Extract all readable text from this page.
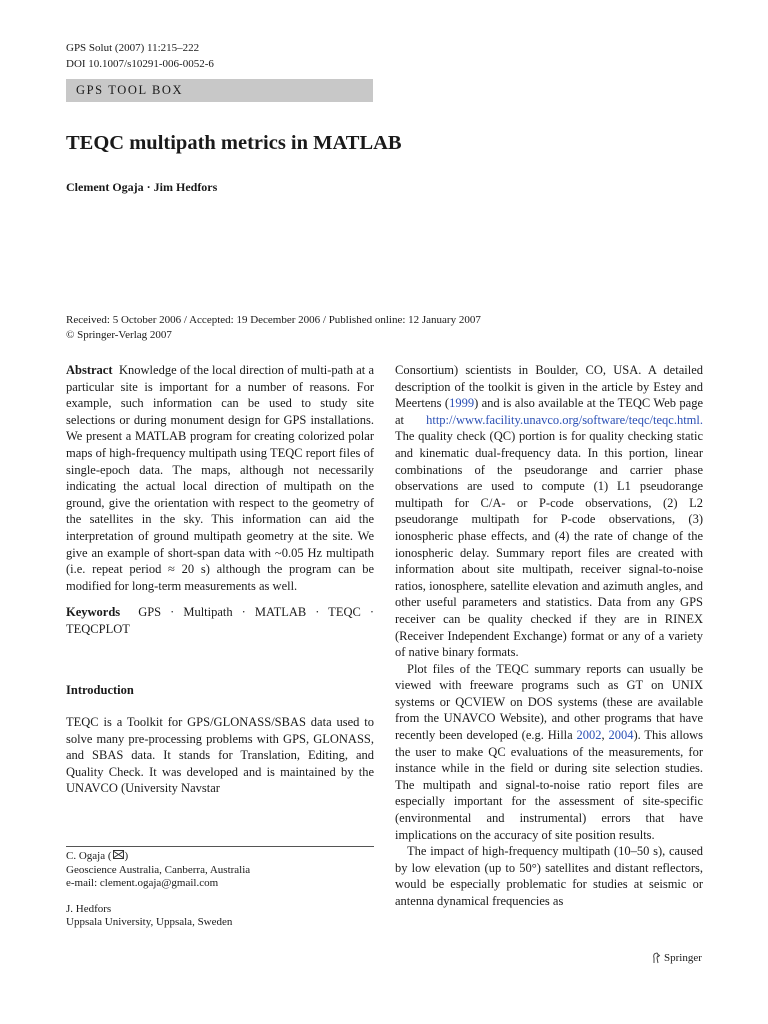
GPS Solut (2007) 11:215–222
DOI 10.1007/s10291-006-0052-6
GPS TOOL BOX
TEQC multipath metrics in MATLAB
Clement Ogaja · Jim Hedfors
Received: 5 October 2006 / Accepted: 19 December 2006 / Published online: 12 January 2007
© Springer-Verlag 2007

Abstract Knowledge of the local direction of multi-path at a particular site is important for a number of reasons. For example, such information can be used to study site selections or during monument design for GPS installations. We present a MATLAB program for creating colorized polar maps of high-frequency multipath using TEQC report files of single-epoch data. The maps, although not necessarily indicating the actual local direction of multipath on the ground, give the orientation with respect to the geometry of the satellites in the sky. This information can aid the interpretation of ground multipath geometry at the site. We give an example of short-span data with ~0.05 Hz multipath (i.e. repeat period ≈ 20 s) although the program can be modified for long-term measurements as well.

Keywords GPS · Multipath · MATLAB · TEQC · TEQCPLOT

Introduction

TEQC is a Toolkit for GPS/GLONASS/SBAS data used to solve many pre-processing problems with GPS, GLONASS, and SBAS data. It stands for Translation, Editing, and Quality Check. It was developed and is maintained by the UNAVCO (University Navstar

Consortium) scientists in Boulder, CO, USA. A detailed description of the toolkit is given in the article by Estey and Meertens (1999) and is also available at the TEQC Web page at http://www.facility.unavco.org/software/teqc/teqc.html. The quality check (QC) portion is for quality checking static and kinematic dual-frequency data. In this portion, linear combinations of the pseudorange and carrier phase observations are used to compute (1) L1 pseudorange multipath for C/A- or P-code observations, (2) L2 pseudorange multipath for P-code observations, (3) ionospheric phase effects, and (4) the rate of change of the ionospheric delay. Summary report files are created with information about site multipath, receiver signal-to-noise ratios, ionosphere, satellite elevation and azimuth angles, and other useful parameters and statistics. Data from any GPS receiver can be quality checked if they are in RINEX (Receiver Independent Exchange) format or any of a variety of native binary formats.

Plot files of the TEQC summary reports can usually be viewed with freeware programs such as GT on UNIX systems or QCVIEW on DOS systems (these are available from the UNAVCO Website), and other programs that have recently been developed (e.g. Hilla 2002, 2004). This allows the user to make QC evaluations of the measurements, for instance while in the field or during site selection studies. The multipath and signal-to-noise ratio report files are especially important for the assessment of site-specific (environmental and instrumental) errors that have implications on the accuracy of site position results.

The impact of high-frequency multipath (10–50 s), caused by low elevation (up to 50°) satellites and distant reflectors, would be especially problematic for studies at seismic or antenna dynamical frequencies as

C. Ogaja ( )
Geoscience Australia, Canberra, Australia
e-mail: clement.ogaja@gmail.com
J. Hedfors
Uppsala University, Uppsala, Sweden
Springer
